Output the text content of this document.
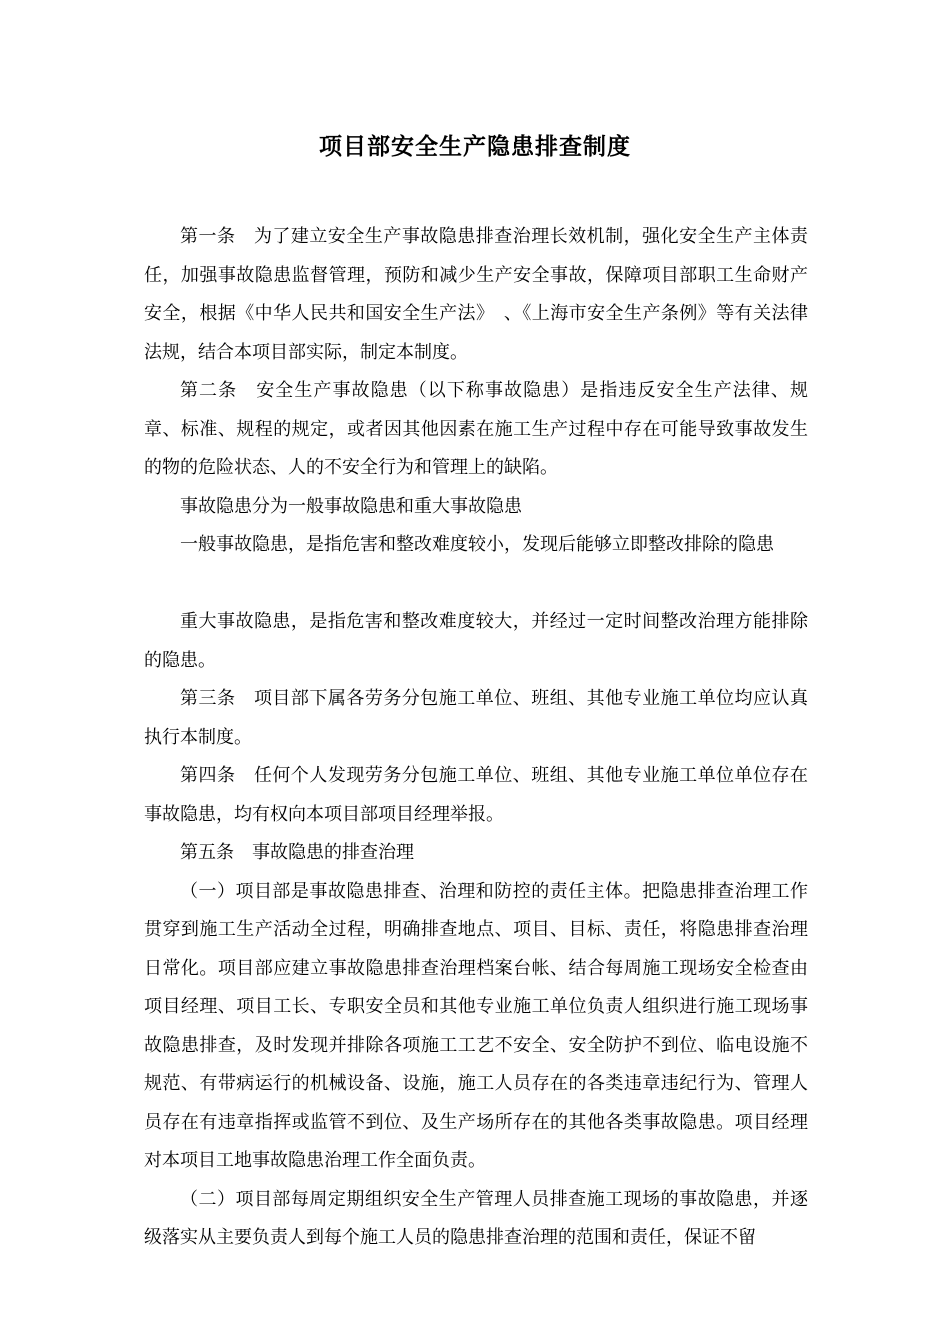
项目部安全生产隐患排查制度

第一条　为了建立安全生产事故隐患排查治理长效机制，强化安全生产主体责任，加强事故隐患监督管理，预防和减少生产安全事故，保障项目部职工生命财产安全，根据《中华人民共和国安全生产法》　、《上海市安全生产条例》等有关法律法规，结合本项目部实际，制定本制度。

第二条　安全生产事故隐患（以下称事故隐患）是指违反安全生产法律、规章、标准、规程的规定，或者因其他因素在施工生产过程中存在可能导致事故发生的物的危险状态、人的不安全行为和管理上的缺陷。

事故隐患分为一般事故隐患和重大事故隐患

一般事故隐患，是指危害和整改难度较小，发现后能够立即整改排除的隐患

重大事故隐患，是指危害和整改难度较大，并经过一定时间整改治理方能排除的隐患。

第三条　项目部下属各劳务分包施工单位、班组、其他专业施工单位均应认真执行本制度。

第四条　任何个人发现劳务分包施工单位、班组、其他专业施工单位单位存在事故隐患，均有权向本项目部项目经理举报。

第五条　事故隐患的排查治理

（一）项目部是事故隐患排查、治理和防控的责任主体。把隐患排查治理工作贯穿到施工生产活动全过程，明确排查地点、项目、目标、责任，将隐患排查治理日常化。项目部应建立事故隐患排查治理档案台帐、结合每周施工现场安全检查由项目经理、项目工长、专职安全员和其他专业施工单位负责人组织进行施工现场事故隐患排查，及时发现并排除各项施工工艺不安全、安全防护不到位、临电设施不规范、有带病运行的机械设备、设施，施工人员存在的各类违章违纪行为、管理人员存在有违章指挥或监管不到位、及生产场所存在的其他各类事故隐患。项目经理对本项目工地事故隐患治理工作全面负责。

（二）项目部每周定期组织安全生产管理人员排查施工现场的事故隐患，并逐级落实从主要负责人到每个施工人员的隐患排查治理的范围和责任，保证不留
